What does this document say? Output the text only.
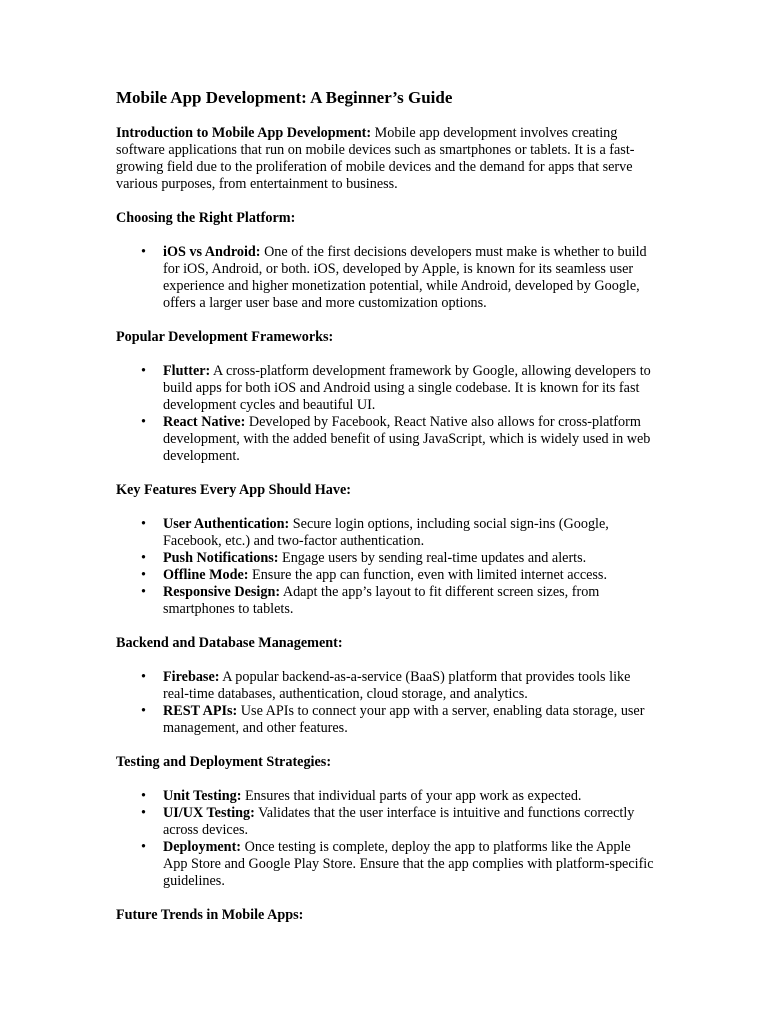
Mobile App Development: A Beginner’s Guide

Introduction to Mobile App Development: Mobile app development involves creating software applications that run on mobile devices such as smartphones or tablets. It is a fast-growing field due to the proliferation of mobile devices and the demand for apps that serve various purposes, from entertainment to business.

Choosing the Right Platform:
• iOS vs Android: One of the first decisions developers must make is whether to build for iOS, Android, or both. iOS, developed by Apple, is known for its seamless user experience and higher monetization potential, while Android, developed by Google, offers a larger user base and more customization options.
Popular Development Frameworks:
• Flutter: A cross-platform development framework by Google, allowing developers to build apps for both iOS and Android using a single codebase. It is known for its fast development cycles and beautiful UI.
• React Native: Developed by Facebook, React Native also allows for cross-platform development, with the added benefit of using JavaScript, which is widely used in web development.
Key Features Every App Should Have:
• User Authentication: Secure login options, including social sign-ins (Google, Facebook, etc.) and two-factor authentication.
• Push Notifications: Engage users by sending real-time updates and alerts.
• Offline Mode: Ensure the app can function, even with limited internet access.
• Responsive Design: Adapt the app’s layout to fit different screen sizes, from smartphones to tablets.
Backend and Database Management:
• Firebase: A popular backend-as-a-service (BaaS) platform that provides tools like real-time databases, authentication, cloud storage, and analytics.
• REST APIs: Use APIs to connect your app with a server, enabling data storage, user management, and other features.
Testing and Deployment Strategies:
• Unit Testing: Ensures that individual parts of your app work as expected.
• UI/UX Testing: Validates that the user interface is intuitive and functions correctly across devices.
• Deployment: Once testing is complete, deploy the app to platforms like the Apple App Store and Google Play Store. Ensure that the app complies with platform-specific guidelines.
Future Trends in Mobile Apps:
